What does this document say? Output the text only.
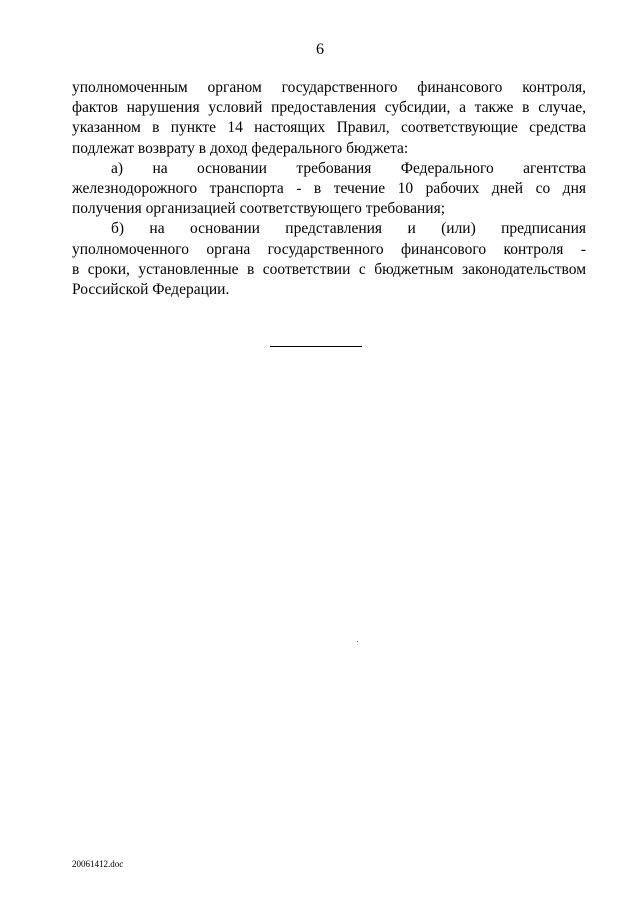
6

уполномоченным органом государственного финансового контроля,
фактов нарушения условий предоставления субсидии, а также в случае,
указанном в пункте 14 настоящих Правил, соответствующие средства
подлежат возврату в доход федерального бюджета:

а) на основании требования Федерального агентства
железнодорожного транспорта - в течение 10 рабочих дней со дня
получения организацией соответствующего требования;

б) на основании представления и (или) предписания
уполномоченного органа государственного финансового контроля -
в сроки, установленные в соответствии с бюджетным законодательством
Российской Федерации.

20061412.doc
